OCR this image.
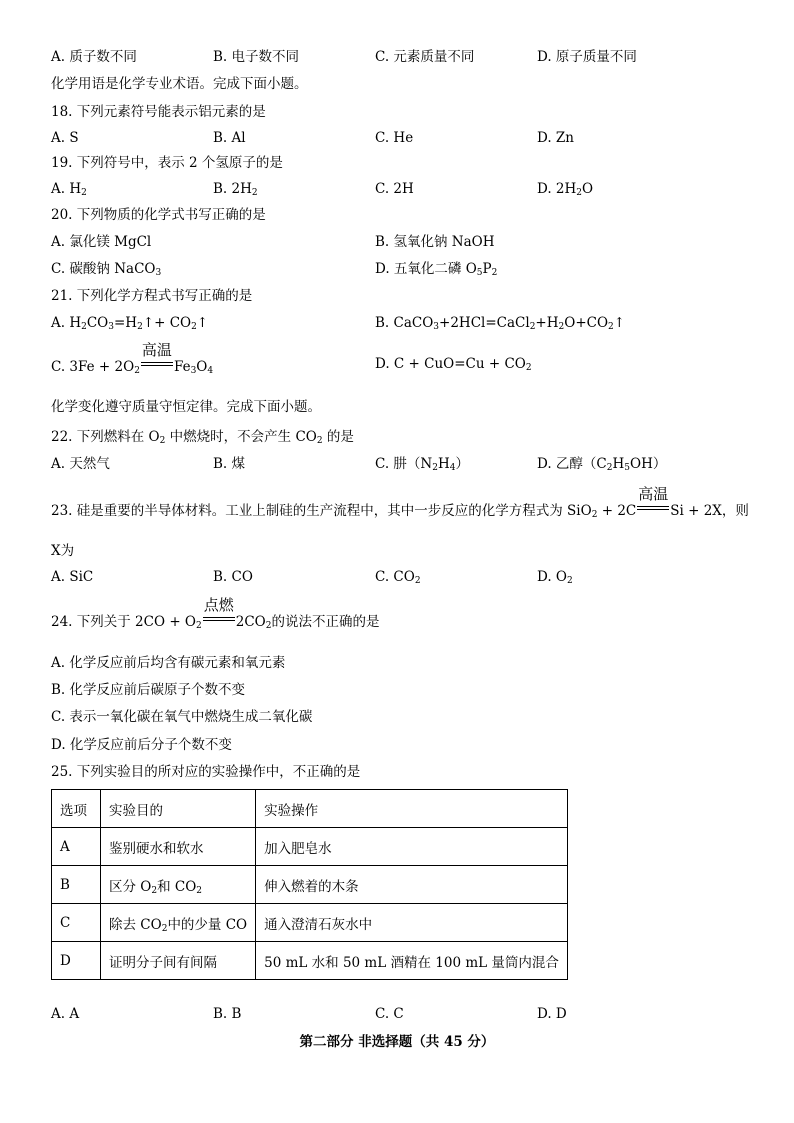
A. 质子数不同	B. 电子数不同	C. 元素质量不同	D. 原子质量不同
化学用语是化学专业术语。完成下面小题。
18. 下列元素符号能表示铝元素的是
A. S	B. Al	C. He	D. Zn
19. 下列符号中，表示 2 个氢原子的是
A. $H_2$	B. $2H_2$	C. 2H	D. $2H_2O$
20. 下列物质的化学式书写正确的是
A. 氯化镁 MgCl	B. 氢氧化钠 NaOH
C. 碳酸钠 NaCO$_3$	D. 五氧化二磷 $O_5P_2$
21. 下列化学方程式书写正确的是
A. $H_2CO_3=H_2↑+$ $CO_2↑$	B. $CaCO_3+2HCl=CaCl_2+H_2O+CO_2↑$
C. $3Fe + 2O_2$
高温
$Fe_3O_4$	D. $C + CuO=Cu + CO_2$
化学变化遵守质量守恒定律。完成下面小题。
22. 下列燃料在 $O_2$ 中燃烧时，不会产生 $CO_2$ 的是
A. 天然气	B. 煤	C. 肼$(N_2H_4)$	D. 乙醇$(C_2H_5OH)$
23. 硅是重要的半导体材料。工业上制硅的生产流程中，其中一步反应的化学方程式为 SiO$_2$ + 2C
高温
Si + 2X，则
X为
A. SiC	B. CO	C. $CO_2$	D. $O_2$
24. 下列关于 $2CO + O_2$
点燃
$2CO_2$的说法不正确的是
A. 化学反应前后均含有碳元素和氧元素
B. 化学反应前后碳原子个数不变
C. 表示一氧化碳在氧气中燃烧生成二氧化碳
D. 化学反应前后分子个数不变
25. 下列实验目的所对应的实验操作中，不正确的是
选项	实验目的	实验操作
A	鉴别硬水和软水	加入肥皂水
B	区分 $O_2$和 $CO_2$	伸入燃着的木条
C	除去 $CO_2$中的少量 CO	通入澄清石灰水中
D	证明分子间有间隔	50 mL 水和 50 mL 酒精在 100 mL 量筒内混合
A. A	B. B	C. C	D. D
第二部分 非选择题（共 45 分）
